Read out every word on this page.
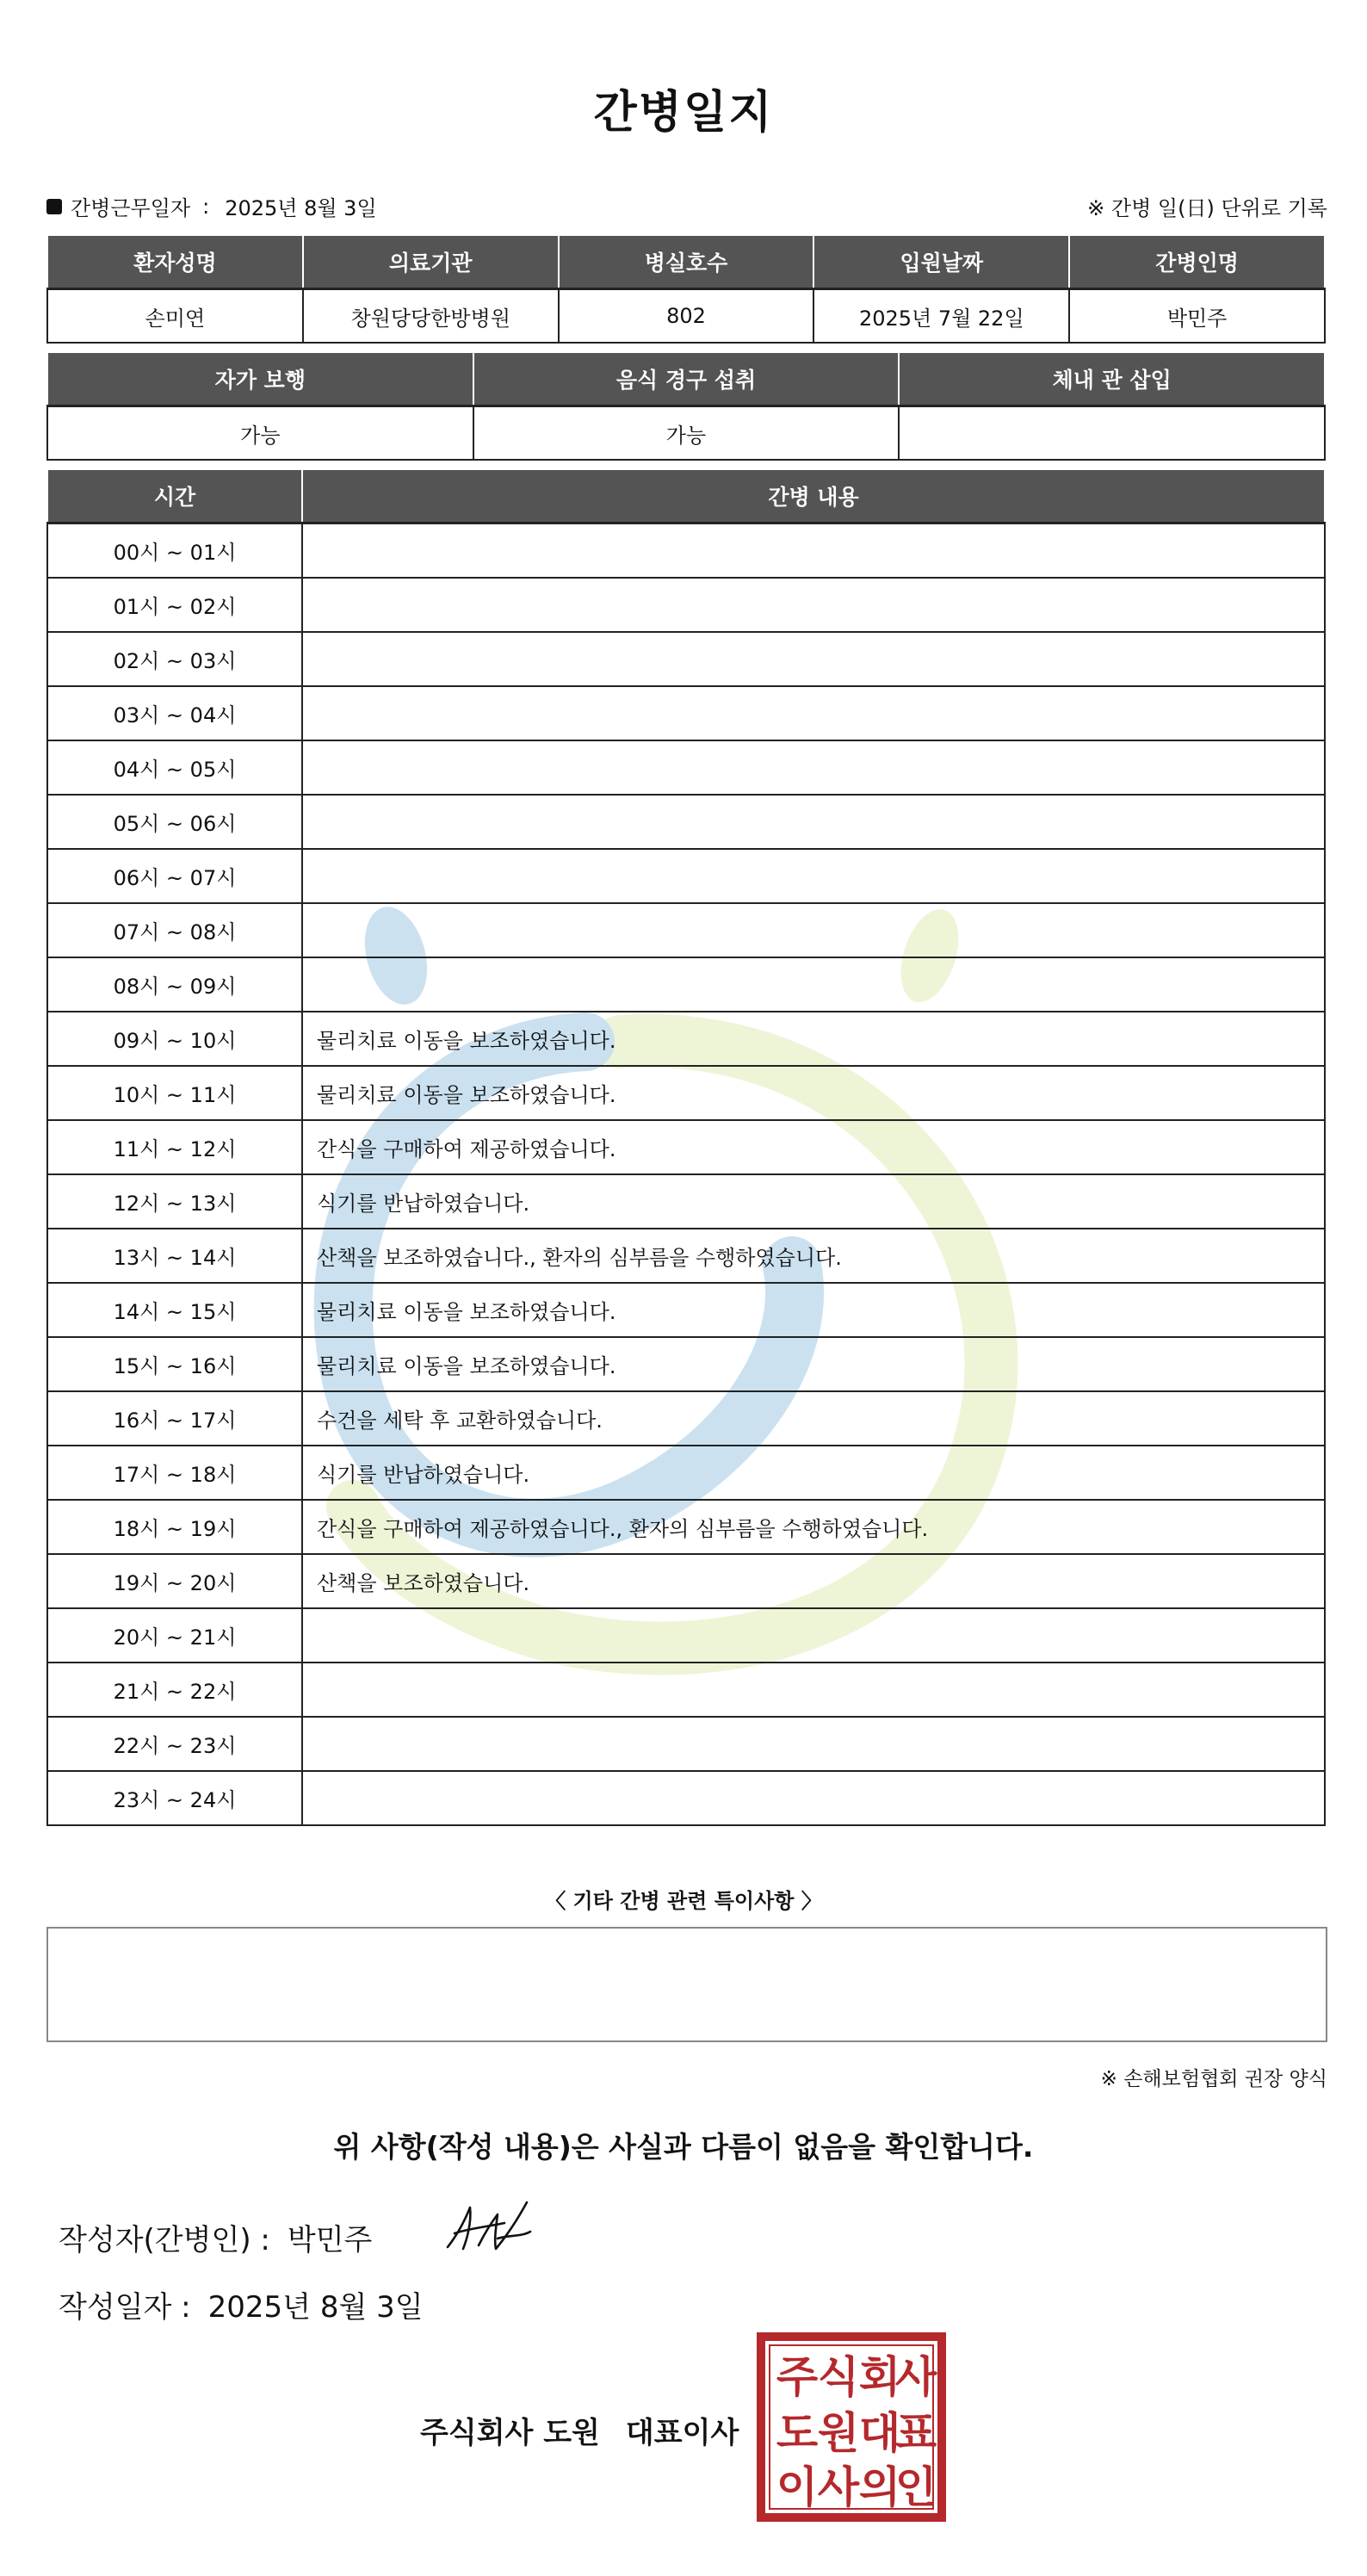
간병일지
간병근무일자 : 2025년 8월 3일	※ 간병 일(日) 단위로 기록
환자성명	의료기관	병실호수	입원날짜	간병인명
손미연	창원당당한방병원	802	2025년 7월 22일	박민주
자가 보행	음식 경구 섭취	체내 관 삽입
가능	가능	
시간	간병 내용
00시 ~ 01시	
01시 ~ 02시	
02시 ~ 03시	
03시 ~ 04시	
04시 ~ 05시	
05시 ~ 06시	
06시 ~ 07시	
07시 ~ 08시	
08시 ~ 09시	
09시 ~ 10시	물리치료 이동을 보조하였습니다.
10시 ~ 11시	물리치료 이동을 보조하였습니다.
11시 ~ 12시	간식을 구매하여 제공하였습니다.
12시 ~ 13시	식기를 반납하였습니다.
13시 ~ 14시	산책을 보조하였습니다., 환자의 심부름을 수행하였습니다.
14시 ~ 15시	물리치료 이동을 보조하였습니다.
15시 ~ 16시	물리치료 이동을 보조하였습니다.
16시 ~ 17시	수건을 세탁 후 교환하였습니다.
17시 ~ 18시	식기를 반납하였습니다.
18시 ~ 19시	간식을 구매하여 제공하였습니다., 환자의 심부름을 수행하였습니다.
19시 ~ 20시	산책을 보조하였습니다.
20시 ~ 21시	
21시 ~ 22시	
22시 ~ 23시	
23시 ~ 24시	
〈 기타 간병 관련 특이사항 〉
※ 손해보험협회 권장 양식
위 사항(작성 내용)은 사실과 다름이 없음을 확인합니다.
작성자(간병인) : 박민주
작성일자 : 2025년 8월 3일
주식회사 도원 대표이사
주 식 회
사
도 원 대
표
이 사 의
인
